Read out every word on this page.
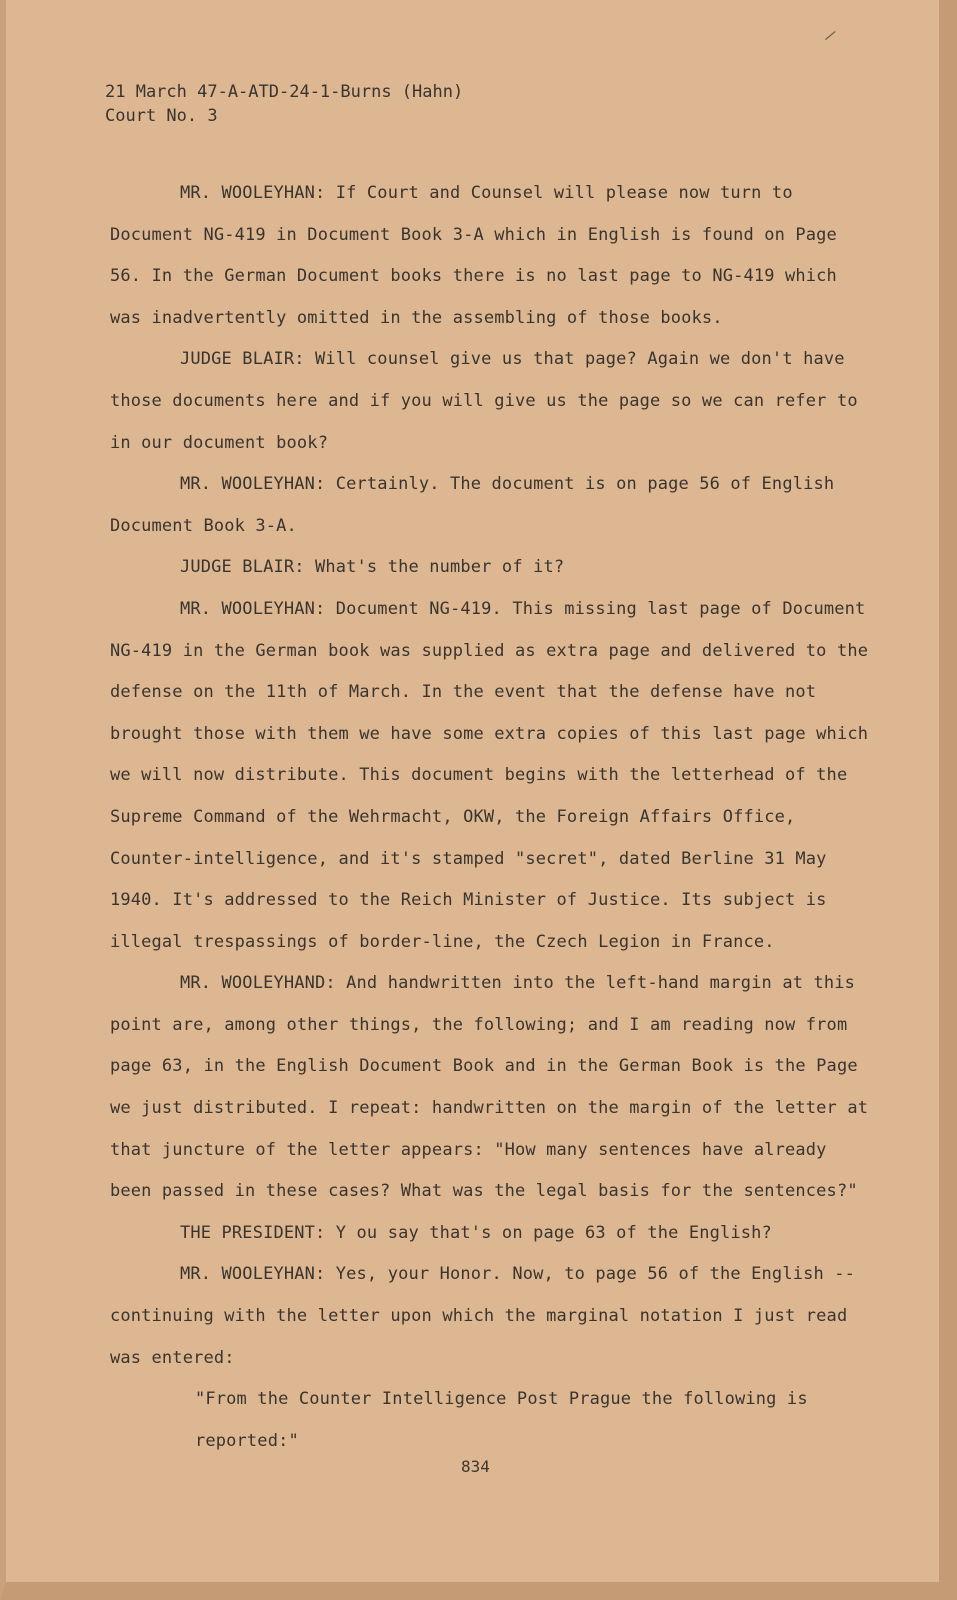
/
21 March 47-A-ATD-24-1-Burns (Hahn)
Court No. 3

MR. WOOLEYHAN: If Court and Counsel will please now turn to Document NG-419 in Document Book 3-A which in English is found on Page 56. In the German Document books there is no last page to NG-419 which was inadvertently omitted in the assembling of those books.

JUDGE BLAIR: Will counsel give us that page? Again we don't have those documents here and if you will give us the page so we can refer to in our document book?

MR. WOOLEYHAN: Certainly. The document is on page 56 of English Document Book 3-A.

JUDGE BLAIR: What's the number of it?

MR. WOOLEYHAN: Document NG-419. This missing last page of Document NG-419 in the German book was supplied as extra page and delivered to the defense on the 11th of March. In the event that the defense have not brought those with them we have some extra copies of this last page which we will now distribute. This document begins with the letterhead of the Supreme Command of the Wehrmacht, OKW, the Foreign Affairs Office, Counter-intelligence, and it's stamped "secret", dated Berline 31 May 1940. It's addressed to the Reich Minister of Justice. Its subject is illegal trespassings of border-line, the Czech Legion in France.

MR. WOOLEYHAND: And handwritten into the left-hand margin at this point are, among other things, the following; and I am reading now from page 63, in the English Document Book and in the German Book is the Page we just distributed. I repeat: handwritten on the margin of the letter at that juncture of the letter appears: "How many sentences have already been passed in these cases? What was the legal basis for the sentences?"

THE PRESIDENT: Y ou say that's on page 63 of the English?

MR. WOOLEYHAN: Yes, your Honor. Now, to page 56 of the English -- continuing with the letter upon which the marginal notation I just read was entered:

"From the Counter Intelligence Post Prague the following is reported:"

834
